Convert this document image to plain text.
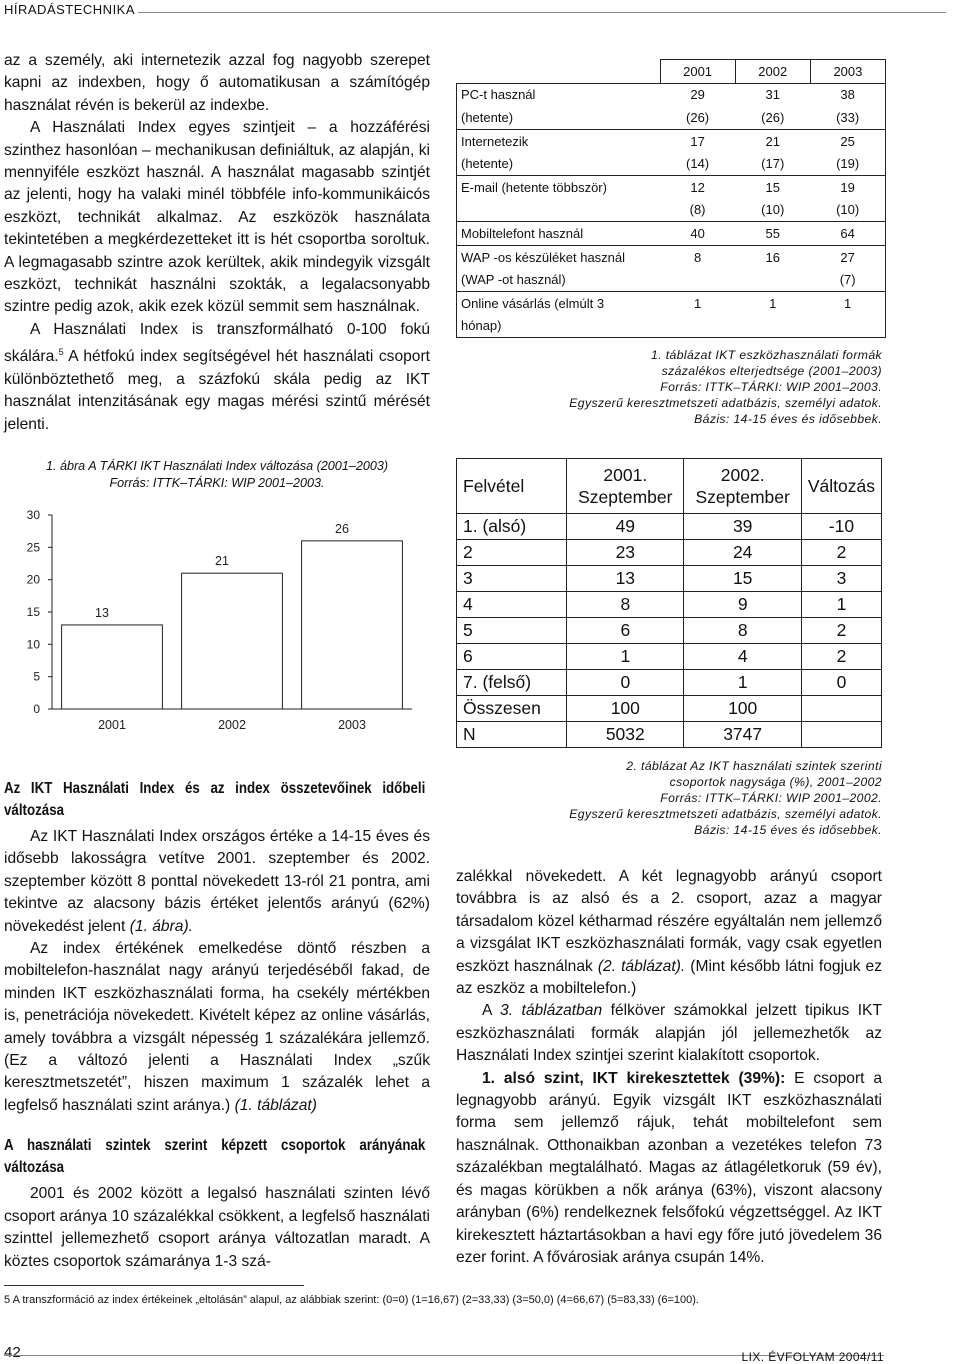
HÍRADÁSTECHNIKA

az a személy, aki internetezik azzal fog nagyobb szerepet kapni az indexben, hogy ő automatikusan a számítógép használat révén is bekerül az indexbe.

A Használati Index egyes szintjeit – a hozzáférési szinthez hasonlóan – mechanikusan definiáltuk, az alapján, ki mennyiféle eszközt használ. A használat magasabb szintjét az jelenti, hogy ha valaki minél többféle info-kommunikáicós eszközt, technikát alkalmaz. Az eszközök használata tekintetében a megkérdezetteket itt is hét csoportba soroltuk. A legmagasabb szintre azok kerültek, akik mindegyik vizsgált eszközt, technikát használni szokták, a legalacsonyabb szintre pedig azok, akik ezek közül semmit sem használnak.

A Használati Index is transzformálható 0-100 fokú skálára.$^5$ A hétfokú index segítségével hét használati csoport különböztethető meg, a százfokú skála pedig az IKT használat intenzitásának egy magas mérési szintű mérését jelenti.

	2001	2002	2003
PC-t használ	29	31	38
(hetente)	(26)	(26)	(33)
Internetezik	17	21	25
(hetente)	(14)	(17)	(19)
E-mail (hetente többször)	12	15	19
	(8)	(10)	(10)
Mobiltelefont használ	40	55	64
WAP -os készüléket használ	8	16	27
(WAP -ot használ)			(7)
Online vásárlás (elmúlt 3	1	1	1
hónap)			
1. táblázat IKT eszközhasználati formák
százalékos elterjedtsége (2001–2003)
Forrás: ITTK–TÁRKI: WIP 2001–2003.
Egyszerű keresztmetszeti adatbázis, személyi adatok.
Bázis: 14-15 éves és idősebbek.
1. ábra A TÁRKI IKT Használati Index változása (2001–2003)
Forrás: ITTK–TÁRKI: WIP 2001–2003.
0
5
10
15
20
25
30
13
2001
21
2002
26
2003
Felvétel	2001. Szeptember	2002. Szeptember	Változás
1. (alsó)	49	39	-10
2	23	24	2
3	13	15	3
4	8	9	1
5	6	8	2
6	1	4	2
7. (felső)	0	1	0
Összesen	100	100	
N	5032	3747	
2. táblázat Az IKT használati szintek szerinti
csoportok nagysága (%), 2001–2002
Forrás: ITTK–TÁRKI: WIP 2001–2002.
Egyszerű keresztmetszeti adatbázis, személyi adatok.
Bázis: 14-15 éves és idősebbek.
Az IKT Használati Index és az index összetevőinek időbeli változása

Az IKT Használati Index országos értéke a 14-15 éves és idősebb lakosságra vetítve 2001. szeptember és 2002. szeptember között 8 ponttal növekedett 13-ról 21 pontra, ami tekintve az alacsony bázis értéket jelentős arányú (62%) növekedést jelent (1. ábra).

Az index értékének emelkedése döntő részben a mobiltelefon-használat nagy arányú terjedéséből fakad, de minden IKT eszközhasználati forma, ha csekély mértékben is, penetrációja növekedett. Kivételt képez az online vásárlás, amely továbbra a vizsgált népesség 1 százalékára jellemző. (Ez a változó jelenti a Használati Index „szűk keresztmetszetét”, hiszen maximum 1 százalék lehet a legfelső használati szint aránya.) (1. táblázat)

A használati szintek szerint képzett csoportok arányának változása

2001 és 2002 között a legalsó használati szinten lévő csoport aránya 10 százalékkal csökkent, a legfelső használati szinttel jellemezhető csoport aránya változatlan maradt. A köztes csoportok számaránya 1-3 szá-

zalékkal növekedett. A két legnagyobb arányú csoport továbbra is az alsó és a 2. csoport, azaz a magyar társadalom közel kétharmad részére egyáltalán nem jellemző a vizsgálat IKT eszközhasználati formák, vagy csak egyetlen eszközt használnak (2. táblázat). (Mint később látni fogjuk ez az eszköz a mobiltelefon.)

A 3. táblázatban félköver számokkal jelzett tipikus IKT eszközhasználati formák alapján jól jellemezhetők az Használati Index szintjei szerint kialakított csoportok.

1. alsó szint, IKT kirekesztettek (39%): E csoport a legnagyobb arányú. Egyik vizsgált IKT eszközhasználati forma sem jellemző rájuk, tehát mobiltelefont sem használnak. Otthonaikban azonban a vezetékes telefon 73 százalékban megtalálható. Magas az átlagéletkoruk (59 év), és magas körükben a nők aránya (63%), viszont alacsony arányban (6%) rendelkeznek felsőfokú végzettséggel. Az IKT kirekesztett háztartásokban a havi egy főre jutó jövedelem 36 ezer forint. A fővárosiak aránya csupán 14%.

5 A transzformáció az index értékeinek „eltolásán” alapul, az alábbiak szerint: (0=0) (1=16,67) (2=33,33) (3=50,0) (4=66,67) (5=83,33) (6=100).
42	LIX. ÉVFOLYAM 2004/11
